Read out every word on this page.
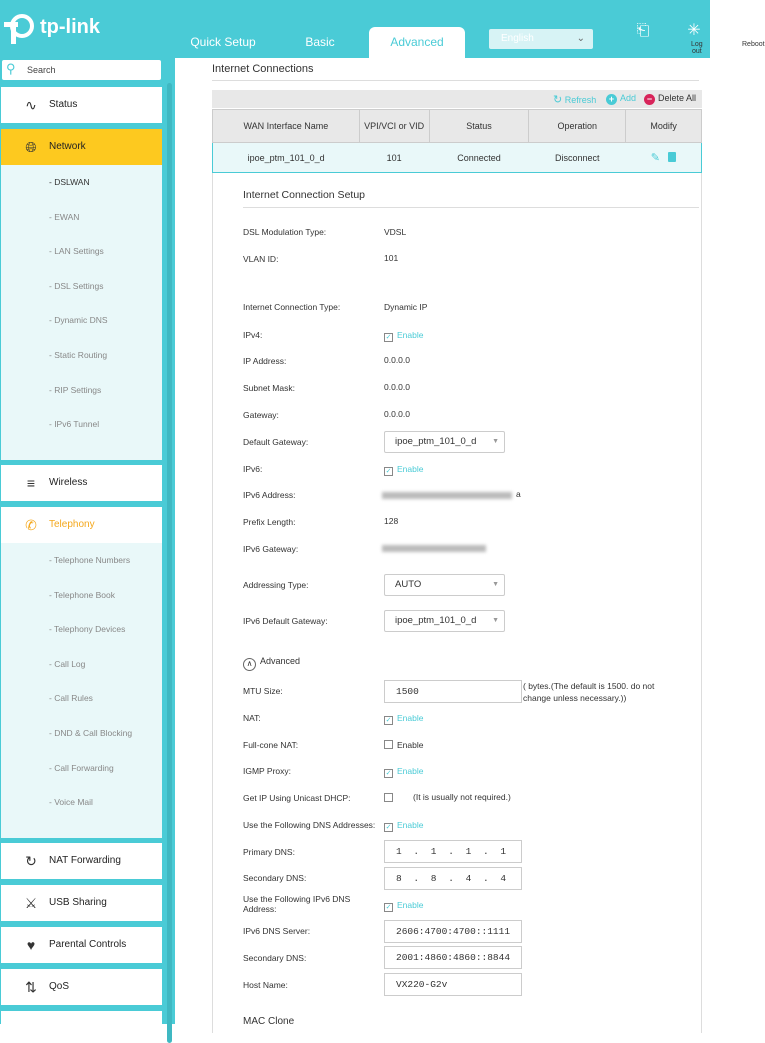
tp-link
Quick Setup	Basic	Advanced	English	⌄	⎗
Log out
✳
Reboot
⚲ Search
∿	Status
🌐︎	Network
- DSLWAN
- EWAN
- LAN Settings
- DSL Settings
- Dynamic DNS
- Static Routing
- RIP Settings
- IPv6 Tunnel
≡	Wireless
✆	Telephony
- Telephone Numbers
- Telephone Book
- Telephony Devices
- Call Log
- Call Rules
- DND & Call Blocking
- Call Forwarding
- Voice Mail
↻	NAT Forwarding
⚔	USB Sharing
♥	Parental Controls
⇅	QoS
Internet Connections
↻ Refresh	+ Add	− Delete All
WAN Interface Name	VPI/VCI or VID	Status	Operation	Modify
ipoe_ptm_101_0_d	101	Connected	Disconnect	✎
Internet Connection Setup
DSL Modulation Type:	VDSL
VLAN ID:	101
Internet Connection Type:	Dynamic IP
IPv4:	✓ Enable
IP Address:	0.0.0.0
Subnet Mask:	0.0.0.0
Gateway:	0.0.0.0
Default Gateway:	ipoe_ptm_101_0_d ▼
IPv6:	✓ Enable
IPv6 Address:	a
Prefix Length:	128
IPv6 Gateway:
Addressing Type:	AUTO	▼
IPv6 Default Gateway:	ipoe_ptm_101_0_d ▼
∧ Advanced
MTU Size:	1500	( bytes.(The default is 1500. do not change unless necessary.))
NAT:	✓ Enable
Full-cone NAT:	Enable
IGMP Proxy:	✓ Enable
Get IP Using Unicast DHCP:	(It is usually not required.)
Use the Following DNS Addresses: ✓ Enable
Primary DNS:	1 . 1 . 1 . 1
Secondary DNS:	8 . 8 . 4 . 4
Use the Following IPv6 DNS Address:	✓ Enable
IPv6 DNS Server:	2606:4700:4700::1111
Secondary DNS:	2001:4860:4860::8844
Host Name:	VX220-G2v
MAC Clone
